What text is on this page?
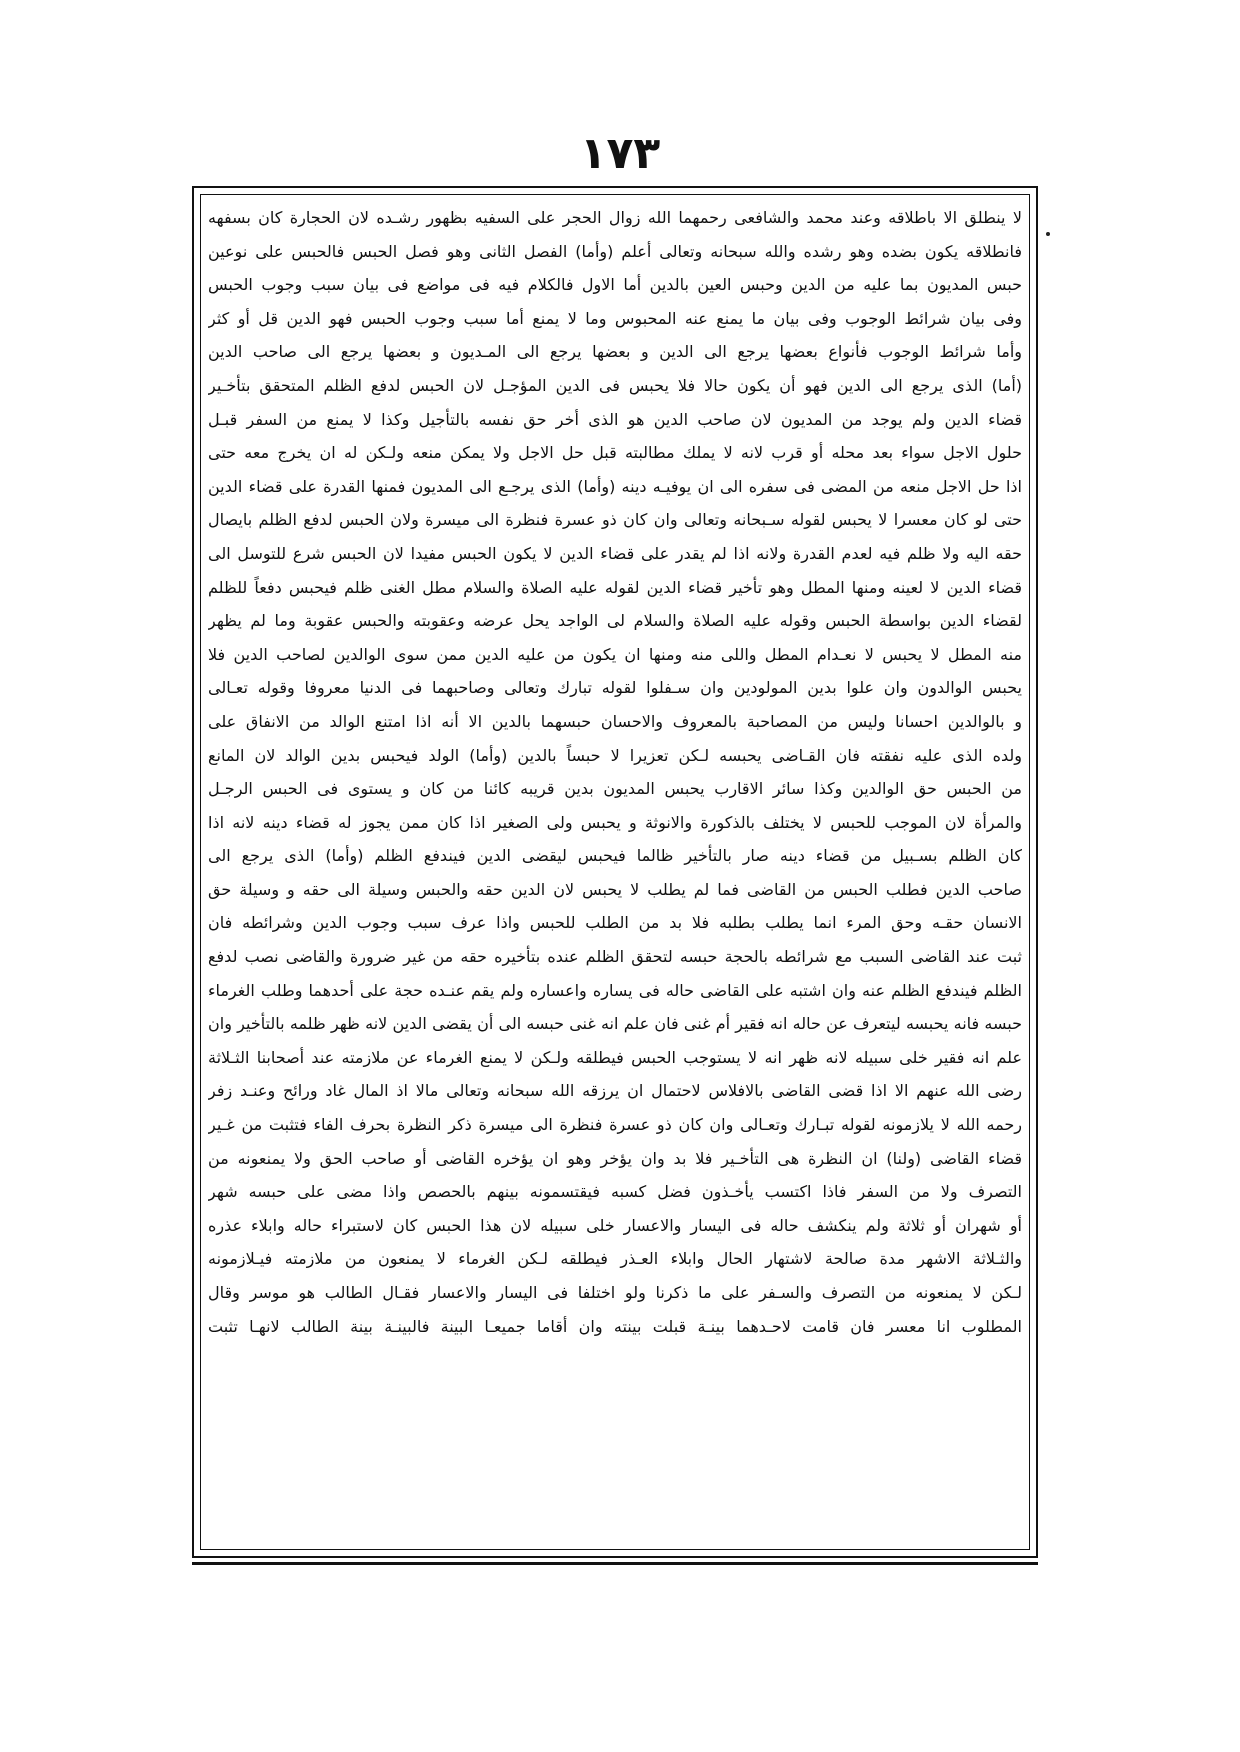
۱۷۳
لا ينطلق الا باطلاقه وعند محمد والشافعی رحمهما الله زوال الحجر على السفيه بظهور رشـده لان الحجارة كان بسفهه
فانطلاقه يكون بضده وهو رشده والله سبحانه وتعالی أعلم (وأما) الفصل الثانی وهو فصل الحبس فالحبس على نوعين
حبس المديون بما عليه من الدين وحبس العين بالدين أما الاول فالكلام فيه فی مواضع فی بيان سبب وجوب الحبس
وفی بيان شرائط الوجوب وفی بيان ما يمنع عنه المحبوس وما لا يمنع أما سبب وجوب الحبس فهو الدين قل أو كثر
وأما شرائط الوجوب فأنواع بعضها يرجع الى الدين و بعضها يرجع الى المـديون و بعضها يرجع الى صاحب الدين
(أما) الذی يرجع الى الدين فهو أن يكون حالا فلا يحبس فی الدين المؤجـل لان الحبس لدفع الظلم المتحقق بتأخـير
قضاء الدين ولم يوجد من المديون لان صاحب الدين هو الذی أخر حق نفسه بالتأجيل وكذا لا يمنع من السفر قبـل
حلول الاجل سواء بعد محله أو قرب لانه لا يملك مطالبته قبل حل الاجل ولا يمكن منعه ولـكن له ان يخرج معه حتى
اذا حل الاجل منعه من المضی فی سفره الى ان يوفيـه دينه (وأما) الذی يرجـع الى المديون فمنها القدرة على قضاء الدين
حتى لو كان معسرا لا يحبس لقوله سـبحانه وتعالی وان كان ذو عسرة فنظرة الى ميسرة ولان الحبس لدفع الظلم بايصال
حقه اليه ولا ظلم فيه لعدم القدرة ولانه اذا لم يقدر على قضاء الدين لا يكون الحبس مفيدا لان الحبس شرع للتوسل الى
قضاء الدين لا لعينه ومنها المطل وهو تأخير قضاء الدين لقوله عليه الصلاة والسلام مطل الغنی ظلم فيحبس دفعاً للظلم
لقضاء الدين بواسطة الحبس وقوله عليه الصلاة والسلام لی الواجد يحل عرضه وعقوبته والحبس عقوبة وما لم يظهر
منه المطل لا يحبس لا نعـدام المطل واللی منه ومنها ان يكون من عليه الدين ممن سوى الوالدين لصاحب الدين فلا
يحبس الوالدون وان علوا بدين المولودين وان سـفلوا لقوله تبارك وتعالی وصاحبهما فی الدنيا معروفا وقوله تعـالی
و بالوالدين احسانا وليس من المصاحبة بالمعروف والاحسان حبسهما بالدين الا أنه اذا امتنع الوالد من الانفاق على
ولده الذی عليه نفقته فان القـاضی يحبسه لـكن تعزيرا لا حبساً بالدين (وأما) الولد فيحبس بدين الوالد لان المانع
من الحبس حق الوالدين وكذا سائر الاقارب يحبس المديون بدين قريبه كائنا من كان و يستوی فی الحبس الرجـل
والمرأة لان الموجب للحبس لا يختلف بالذكورة والانوثة و يحبس ولی الصغير اذا كان ممن يجوز له قضاء دينه لانه اذا
كان الظلم بسـبيل من قضاء دينه صار بالتأخير ظالما فيحبس ليقضی الدين فيندفع الظلم (وأما) الذی يرجع الى
صاحب الدين فطلب الحبس من القاضی فما لم يطلب لا يحبس لان الدين حقه والحبس وسيلة الى حقه و وسيلة حق
الانسان حقـه وحق المرء انما يطلب بطلبه فلا بد من الطلب للحبس واذا عرف سبب وجوب الدين وشرائطه فان
ثبت عند القاضی السبب مع شرائطه بالحجة حبسه لتحقق الظلم عنده بتأخيره حقه من غير ضرورة والقاضی نصب لدفع
الظلم فيندفع الظلم عنه وان اشتبه على القاضی حاله فی يساره واعساره ولم يقم عنـده حجة على أحدهما وطلب الغرماء
حبسه فانه يحبسه ليتعرف عن حاله انه فقير أم غنی فان علم انه غنی حبسه الى أن يقضی الدين لانه ظهر ظلمه بالتأخير وان
علم انه فقير خلی سبيله لانه ظهر انه لا يستوجب الحبس فيطلقه ولـكن لا يمنع الغرماء عن ملازمته عند أصحابنا الثـلاثة
رضی الله عنهم الا اذا قضی القاضی بالافلاس لاحتمال ان يرزقه الله سبحانه وتعالی مالا اذ المال غاد ورائح وعنـد زفر
رحمه الله لا يلازمونه لقوله تبـارك وتعـالی وان كان ذو عسرة فنظرة الى ميسرة ذكر النظرة بحرف الفاء فتثبت من غـير
قضاء القاضی (ولنا) ان النظرة هی التأخـير فلا بد وان يؤخر وهو ان يؤخره القاضی أو صاحب الحق ولا يمنعونه من
التصرف ولا من السفر فاذا اكتسب يأخـذون فضل كسبه فيقتسمونه بينهم بالحصص واذا مضی على حبسه شهر
أو شهران أو ثلاثة ولم ينكشف حاله فی اليسار والاعسار خلی سبيله لان هذا الحبس كان لاستبراء حاله وابلاء عذره
والثـلاثة الاشهر مدة صالحة لاشتهار الحال وابلاء العـذر فيطلقه لـكن الغرماء لا يمنعون من ملازمته فيـلازمونه
لـكن لا يمنعونه من التصرف والسـفر على ما ذكرنا ولو اختلفا فی اليسار والاعسار فقـال الطالب هو موسر وقال
المطلوب انا معسر فان قامت لاحـدهما بينـة قبلت بينته وان أقاما جميعـا البينة فالبينـة بينة الطالب لانهـا تثبت
